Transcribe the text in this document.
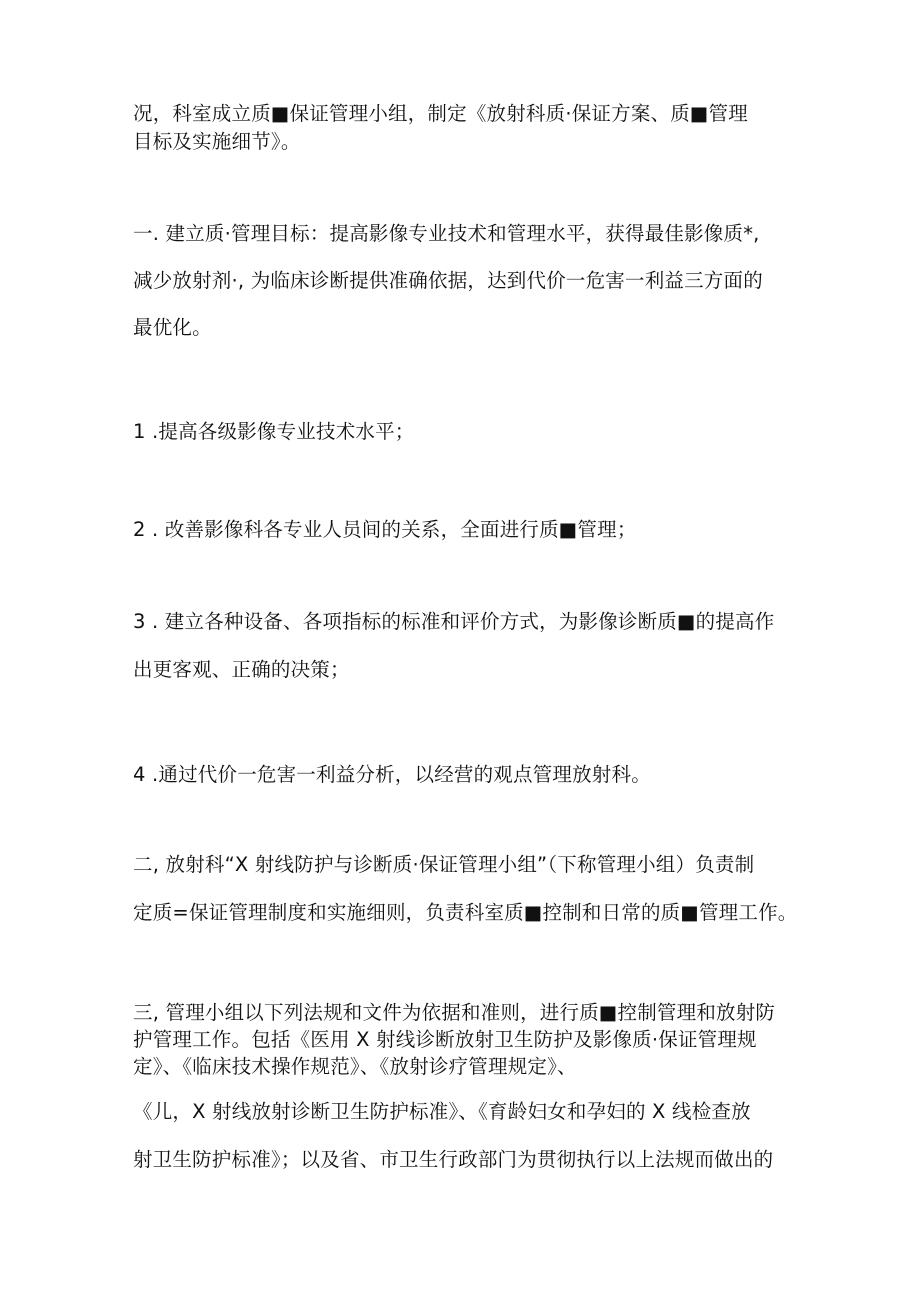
况，科室成立质■保证管理小组，制定《放射科质·保证方案、质■管理
目标及实施细节》。
一. 建立质·管理目标：提高影像专业技术和管理水平，获得最佳影像质*,
减少放射剂·, 为临床诊断提供准确依据，达到代价一危害一利益三方面的
最优化。
1 .提高各级影像专业技术水平；
2 . 改善影像科各专业人员间的关系，全面进行质■管理；
3 . 建立各种设备、各项指标的标准和评价方式，为影像诊断质■的提高作
出更客观、正确的决策；
4 .通过代价一危害一利益分析，以经营的观点管理放射科。
二, 放射科“X 射线防护与诊断质·保证管理小组”（下称管理小组）负责制
定质=保证管理制度和实施细则，负责科室质■控制和日常的质■管理工作。
三, 管理小组以下列法规和文件为依据和准则，进行质■控制管理和放射防
护管理工作。包括《医用 X 射线诊断放射卫生防护及影像质·保证管理规
定》、《临床技术操作规范》、《放射诊疗管理规定》、
《儿，X 射线放射诊断卫生防护标准》、《育龄妇女和孕妇的 X 线检查放
射卫生防护标准》；以及省、市卫生行政部门为贯彻执行以上法规而做出的
